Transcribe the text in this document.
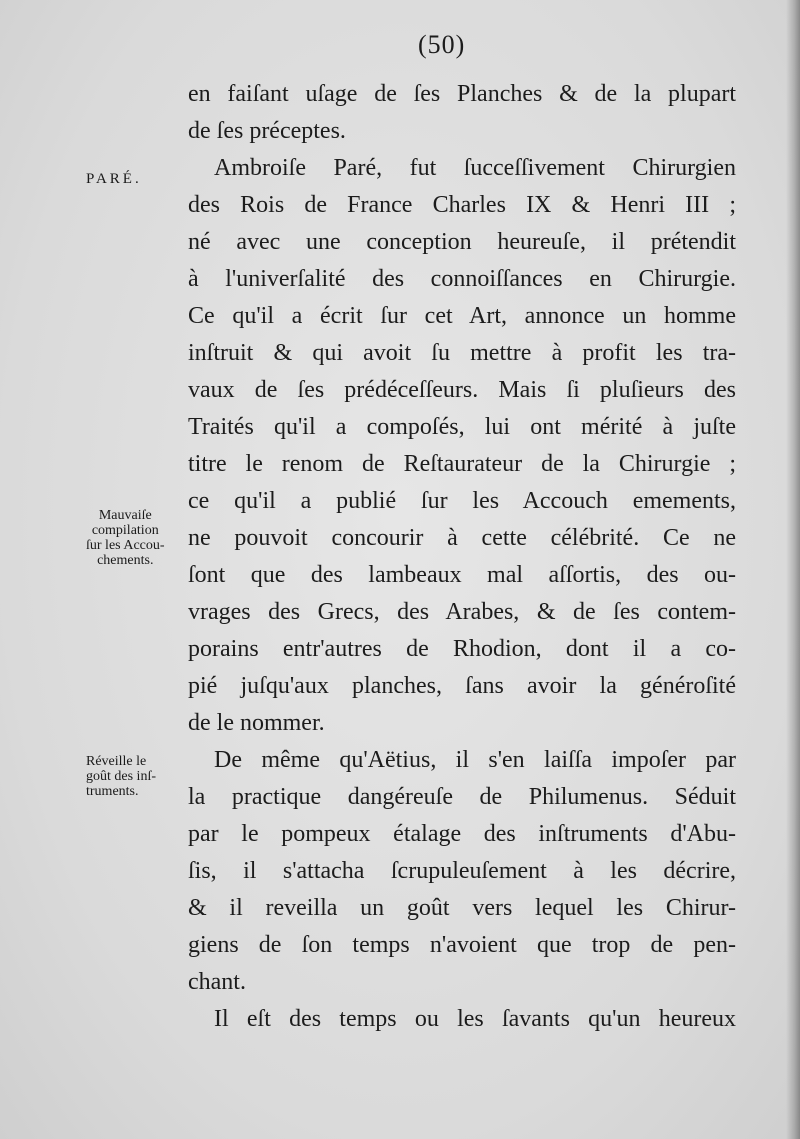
(50)
PARÉ.
Mauvaiſe
compilation
ſur les Accou-
chements.
Réveille le
goût des inſ-
truments.
en faiſant uſage de ſes Planches & de la plupart
de ſes préceptes.
Ambroiſe Paré, fut ſucceſſivement Chirurgien
des Rois de France Charles IX & Henri III ;
né avec une conception heureuſe, il prétendit
à l'univerſalité des connoiſſances en Chirurgie.
Ce qu'il a écrit ſur cet Art, annonce un homme
inſtruit & qui avoit ſu mettre à profit les tra-
vaux de ſes prédéceſſeurs. Mais ſi pluſieurs des
Traités qu'il a compoſés, lui ont mérité à juſte
titre le renom de Reſtaurateur de la Chirurgie ;
ce qu'il a publié ſur les Accouch emements,
ne pouvoit concourir à cette célébrité. Ce ne
ſont que des lambeaux mal aſſortis, des ou-
vrages des Grecs, des Arabes, & de ſes contem-
porains entr'autres de Rhodion, dont il a co-
pié juſqu'aux planches, ſans avoir la généroſité
de le nommer.
De même qu'Aëtius, il s'en laiſſa impoſer par
la practique dangéreuſe de Philumenus. Séduit
par le pompeux étalage des inſtruments d'Abu-
ſis, il s'attacha ſcrupuleuſement à les décrire,
& il reveilla un goût vers lequel les Chirur-
giens de ſon temps n'avoient que trop de pen-
chant.
Il eſt des temps ou les ſavants qu'un heureux
